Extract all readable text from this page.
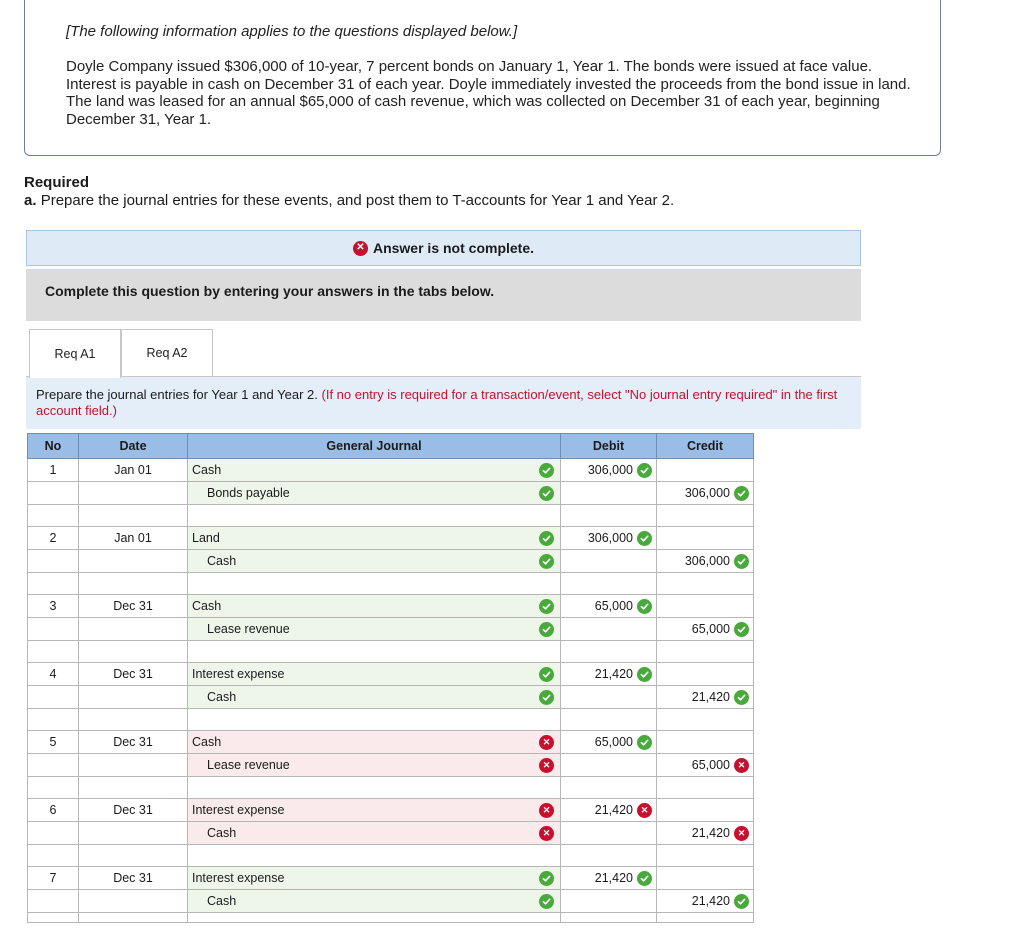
[The following information applies to the questions displayed below.]
Doyle Company issued $306,000 of 10-year, 7 percent bonds on January 1, Year 1. The bonds were issued at face value. Interest is payable in cash on December 31 of each year. Doyle immediately invested the proceeds from the bond issue in land. The land was leased for an annual $65,000 of cash revenue, which was collected on December 31 of each year, beginning December 31, Year 1.
Required
a. Prepare the journal entries for these events, and post them to T-accounts for Year 1 and Year 2.
✕ Answer is not complete.
Complete this question by entering your answers in the tabs below.
Req A1	Req A2
Prepare the journal entries for Year 1 and Year 2. (If no entry is required for a transaction/event, select "No journal entry required" in the first account field.)
No	Date	General Journal	Debit	Credit
1	Jan 01	Cash	306,000	

		Bonds payable		306,000

2	Jan 01	Land	306,000	

		Cash		306,000

3	Dec 31	Cash	65,000	

		Lease revenue		65,000

4	Dec 31	Interest expense	21,420	

		Cash		21,420

5	Dec 31	Cash ✕	65,000	

		Lease revenue ✕		65,000 ✕

6	Dec 31	Interest expense ✕	21,420 ✕	

		Cash ✕		21,420 ✕

7	Dec 31	Interest expense	21,420	

		Cash		21,420
